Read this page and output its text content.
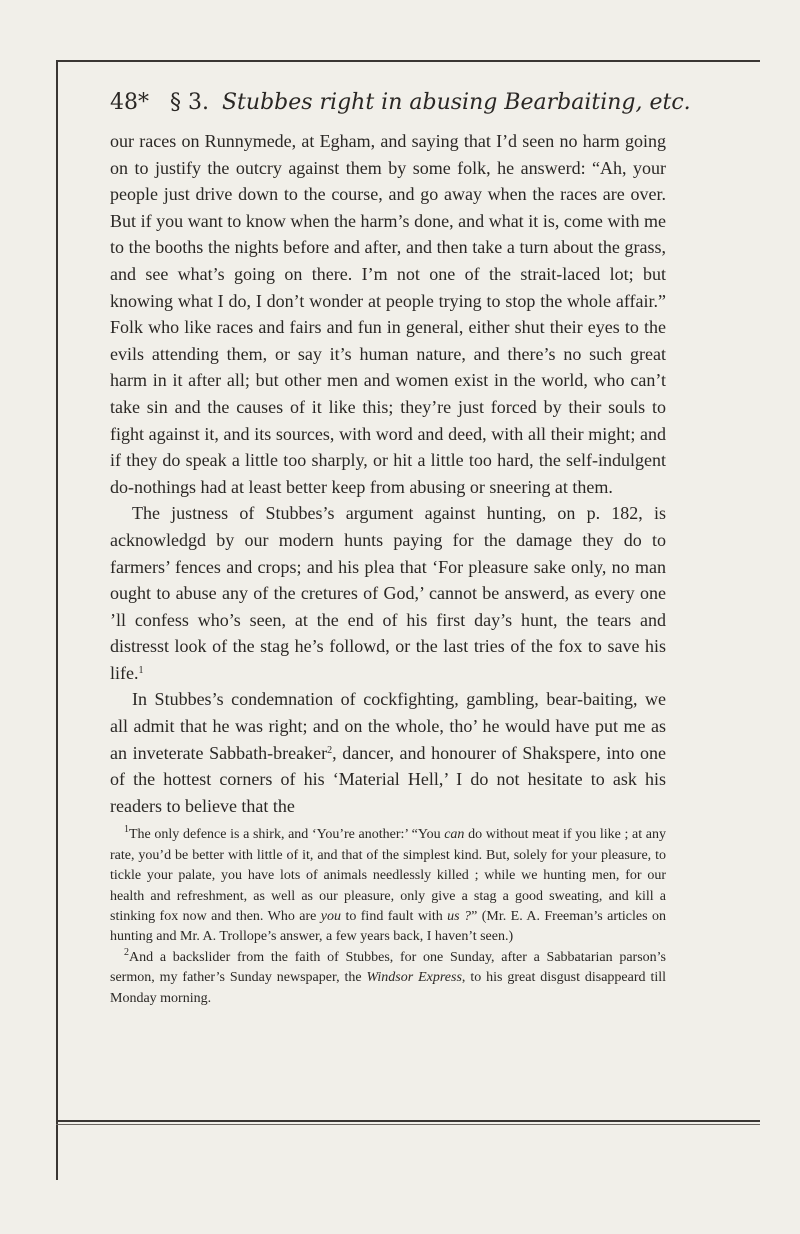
48* § 3. Stubbes right in abusing Bearbaiting, etc.

our races on Runnymede, at Egham, and saying that I’d seen no harm going on to justify the outcry against them by some folk, he answerd: “Ah, your people just drive down to the course, and go away when the races are over. But if you want to know when the harm’s done, and what it is, come with me to the booths the nights before and after, and then take a turn about the grass, and see what’s going on there. I’m not one of the strait-laced lot; but knowing what I do, I don’t wonder at people trying to stop the whole affair.” Folk who like races and fairs and fun in general, either shut their eyes to the evils attending them, or say it’s human nature, and there’s no such great harm in it after all; but other men and women exist in the world, who can’t take sin and the causes of it like this; they’re just forced by their souls to fight against it, and its sources, with word and deed, with all their might; and if they do speak a little too sharply, or hit a little too hard, the self-indulgent do-nothings had at least better keep from abusing or sneering at them.

The justness of Stubbes’s argument against hunting, on p. 182, is acknowledgd by our modern hunts paying for the damage they do to farmers’ fences and crops; and his plea that ‘For pleasure sake only, no man ought to abuse any of the cretures of God,’ cannot be answerd, as every one ’ll confess who’s seen, at the end of his first day’s hunt, the tears and distresst look of the stag he’s followd, or the last tries of the fox to save his life.$^1$

In Stubbes’s condemnation of cockfighting, gambling, bear-baiting, we all admit that he was right; and on the whole, tho’ he would have put me as an inveterate Sabbath-breaker$^2$, dancer, and honourer of Shakspere, into one of the hottest corners of his ‘Material Hell,’ I do not hesitate to ask his readers to believe that the

$^1$The only defence is a shirk, and ‘You’re another:’ “You can do without meat if you like ; at any rate, you’d be better with little of it, and that of the simplest kind. But, solely for your pleasure, to tickle your palate, you have lots of animals needlessly killed ; while we hunting men, for our health and refreshment, as well as our pleasure, only give a stag a good sweating, and kill a stinking fox now and then. Who are you to find fault with us ?” (Mr. E. A. Freeman’s articles on hunting and Mr. A. Trollope’s answer, a few years back, I haven’t seen.)

$^2$And a backslider from the faith of Stubbes, for one Sunday, after a Sabbatarian parson’s sermon, my father’s Sunday newspaper, the Windsor Express, to his great disgust disappeard till Monday morning.
